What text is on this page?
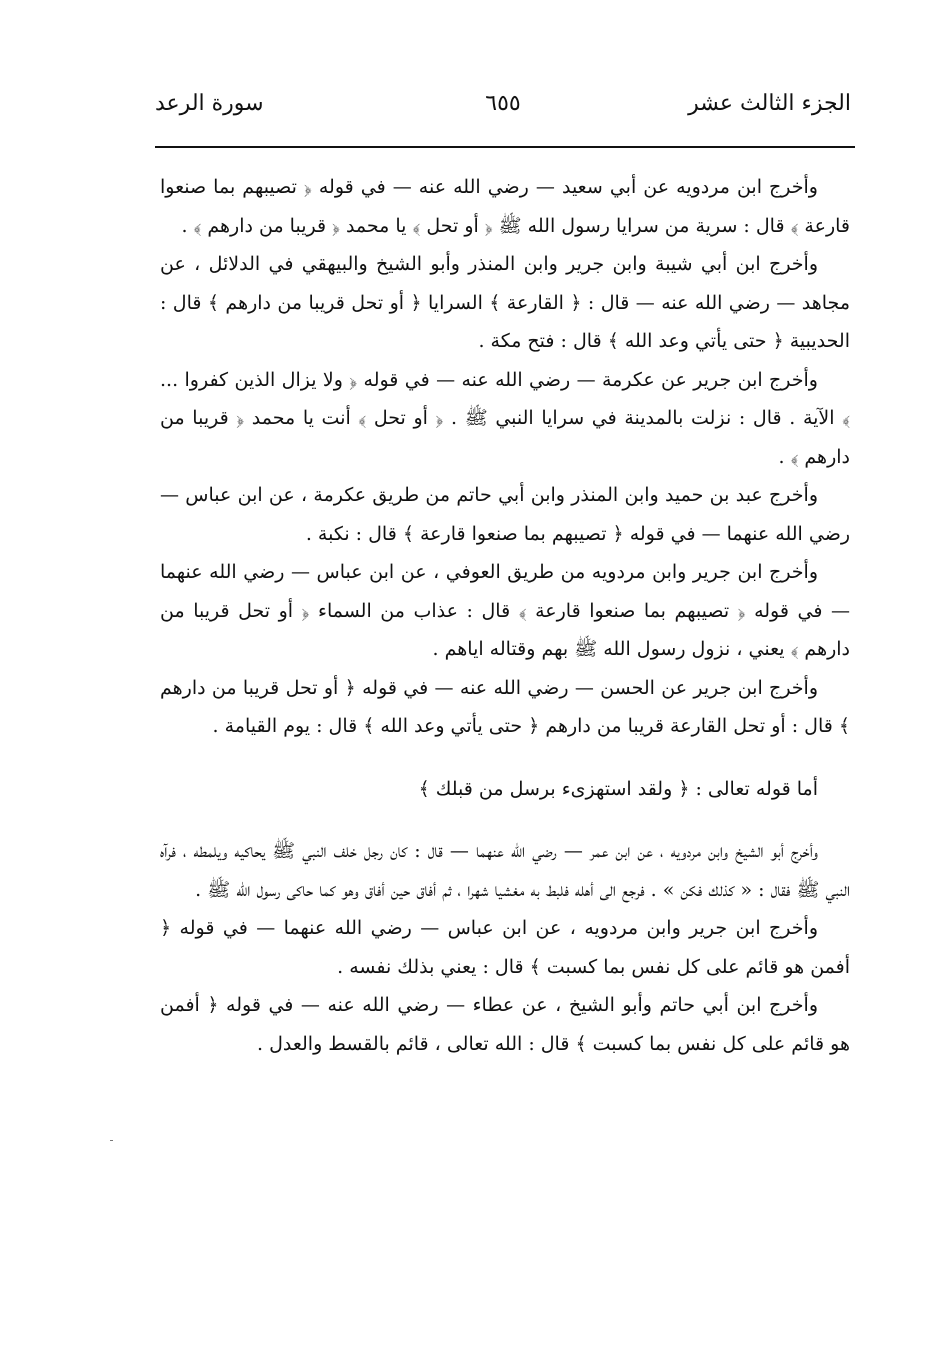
الجزء الثالث عشر
٦٥٥
سورة الرعد

وأخرج ابن مردويه عن أبي سعيد — رضي الله عنه — في قوله ﴿ تصيبهم بما صنعوا قارعة ﴾ قال : سرية من سرايا رسول الله ﷺ ﴿ أو تحل ﴾ يا محمد ﴿ قريبا من دارهم ﴾ .

وأخرج ابن أبي شيبة وابن جرير وابن المنذر وأبو الشيخ والبيهقي في الدلائل ، عن مجاهد — رضي الله عنه — قال : ﴿ القارعة ﴾ السرايا ﴿ أو تحل قريبا من دارهم ﴾ قال : الحديبية ﴿ حتى يأتي وعد الله ﴾ قال : فتح مكة .

وأخرج ابن جرير عن عكرمة — رضي الله عنه — في قوله ﴿ ولا يزال الذين كفروا ... ﴾ الآية . قال : نزلت بالمدينة في سرايا النبي ﷺ . ﴿ أو تحل ﴾ أنت يا محمد ﴿ قريبا من دارهم ﴾ .

وأخرج عبد بن حميد وابن المنذر وابن أبي حاتم من طريق عكرمة ، عن ابن عباس — رضي الله عنهما — في قوله ﴿ تصيبهم بما صنعوا قارعة ﴾ قال : نكبة .

وأخرج ابن جرير وابن مردويه من طريق العوفي ، عن ابن عباس — رضي الله عنهما — في قوله ﴿ تصيبهم بما صنعوا قارعة ﴾ قال : عذاب من السماء ﴿ أو تحل قريبا من دارهم ﴾ يعني ، نزول رسول الله ﷺ بهم وقتاله اياهم .

وأخرج ابن جرير عن الحسن — رضي الله عنه — في قوله ﴿ أو تحل قريبا من دارهم ﴾ قال : أو تحل القارعة قريبا من دارهم ﴿ حتى يأتي وعد الله ﴾ قال : يوم القيامة .

أما قوله تعالى : ﴿ ولقد استهزىء برسل من قبلك ﴾

وأخرج أبو الشيخ وابن مردويه ، عن ابن عمر — رضي الله عنهما — قال : كان رجل خلف النبي ﷺ يحاكيه ويلمطه ، فرآه النبي ﷺ فقال : « كذلك فكن » . فرجع الى أهله فلبط به مغشيا شهرا ، ثم أفاق حين أفاق وهو كما حاكى رسول الله ﷺ .

وأخرج ابن جرير وابن مردويه ، عن ابن عباس — رضي الله عنهما — في قوله ﴿ أفمن هو قائم على كل نفس بما كسبت ﴾ قال : يعني بذلك نفسه .

وأخرج ابن أبي حاتم وأبو الشيخ ، عن عطاء — رضي الله عنه — في قوله ﴿ أفمن هو قائم على كل نفس بما كسبت ﴾ قال : الله تعالى ، قائم بالقسط والعدل .
